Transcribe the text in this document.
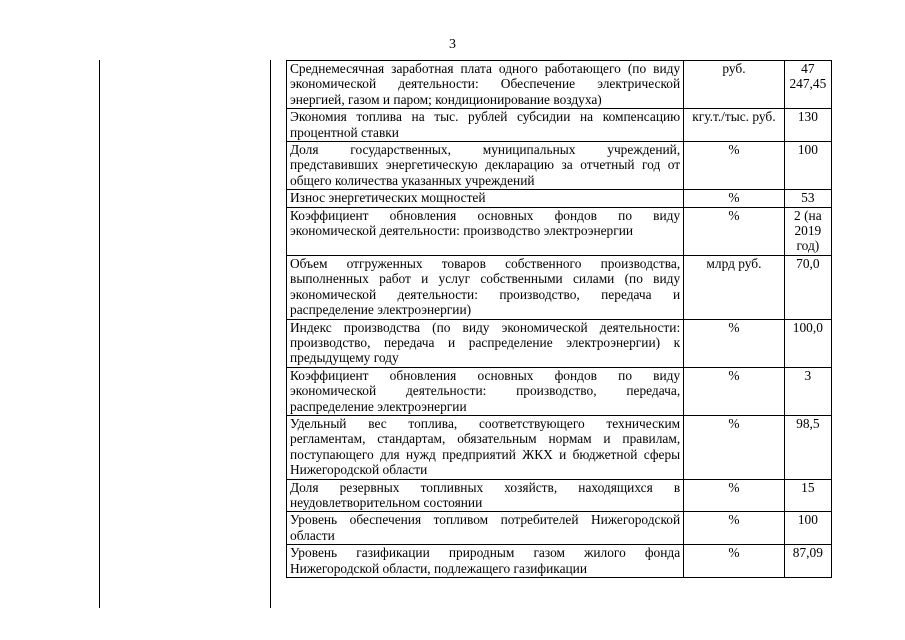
3
Среднемесячная заработная плата одного работающего (по виду экономической деятельности: Обеспечение электрической энергией, газом и паром; кондиционирование воздуха)	руб.	47 247,45
Экономия топлива на тыс. рублей субсидии на компенсацию процентной ставки	кгу.т./тыс. руб.	130
Доля государственных, муниципальных учреждений, представивших энергетическую декларацию за отчетный год от общего количества указанных учреждений	%	100
Износ энергетических мощностей	%	53
Коэффициент обновления основных фондов по виду экономической деятельности: производство электроэнергии	%	2 (на 2019 год)
Объем отгруженных товаров собственного производства, выполненных работ и услуг собственными силами (по виду экономической деятельности: производство, передача и распределение электроэнергии)	млрд руб.	70,0
Индекс производства (по виду экономической деятельности: производство, передача и распределение электроэнергии) к предыдущему году	%	100,0
Коэффициент обновления основных фондов по виду экономической деятельности: производство, передача, распределение электроэнергии	%	3
Удельный вес топлива, соответствующего техническим регламентам, стандартам, обязательным нормам и правилам, поступающего для нужд предприятий ЖКХ и бюджетной сферы Нижегородской области	%	98,5
Доля резервных топливных хозяйств, находящихся в неудовлетворительном состоянии	%	15
Уровень обеспечения топливом потребителей Нижегородской области	%	100
Уровень газификации природным газом жилого фонда Нижегородской области, подлежащего газификации	%	87,09
